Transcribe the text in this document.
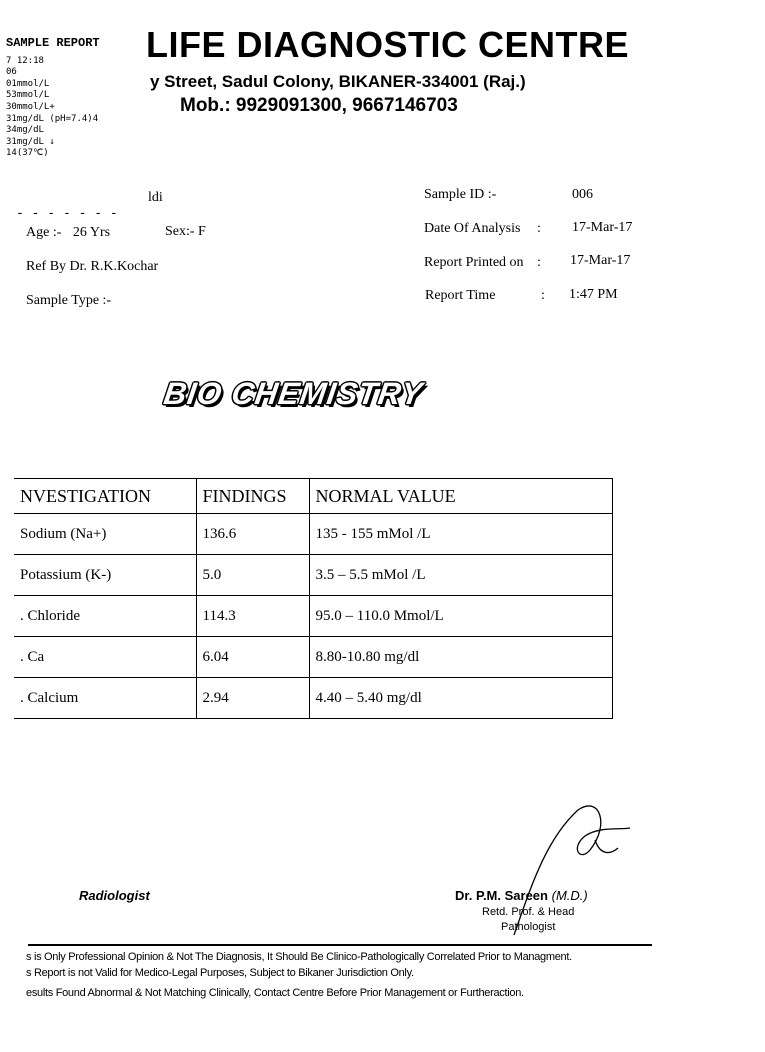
SAMPLE REPORT
7 12:18
06
01mmol/L
53mmol/L
30mmol/L+
31mg/dL (pH=7.4)4
34mg/dL
31mg/dL ↓
14(37℃)
- - - - - - -
LIFE DIAGNOSTIC CENTRE
y Street, Sadul Colony, BIKANER-334001 (Raj.)
Mob.: 9929091300, 9667146703
ldi
Age :- 26 Yrs	Sex:- F
Ref By Dr. R.K.Kochar
Sample Type :-
Sample ID :-	006
Date Of Analysis : 17-Mar-17
Report Printed on : 17-Mar-17
Report Time	: 1:47 PM
BIO CHEMISTRY
NVESTIGATION	FINDINGS	NORMAL VALUE
Sodium (Na+)	136.6	135 - 155 mMol /L
Potassium (K-)	5.0	3.5 – 5.5 mMol /L
. Chloride	114.3	95.0 – 110.0 Mmol/L
. Ca	6.04	8.80-10.80 mg/dl
. Calcium	2.94	4.40 – 5.40 mg/dl
Radiologist	Dr. P.M. Sareen (M.D.)
Retd. Prof. & Head
Pathologist
s is Only Professional Opinion & Not The Diagnosis, It Should Be Clinico-Pathologically Correlated Prior to Managment.
s Report is not Valid for Medico-Legal Purposes, Subject to Bikaner Jurisdiction Only.
esults Found Abnormal & Not Matching Clinically, Contact Centre Before Prior Management or Furtheraction.
